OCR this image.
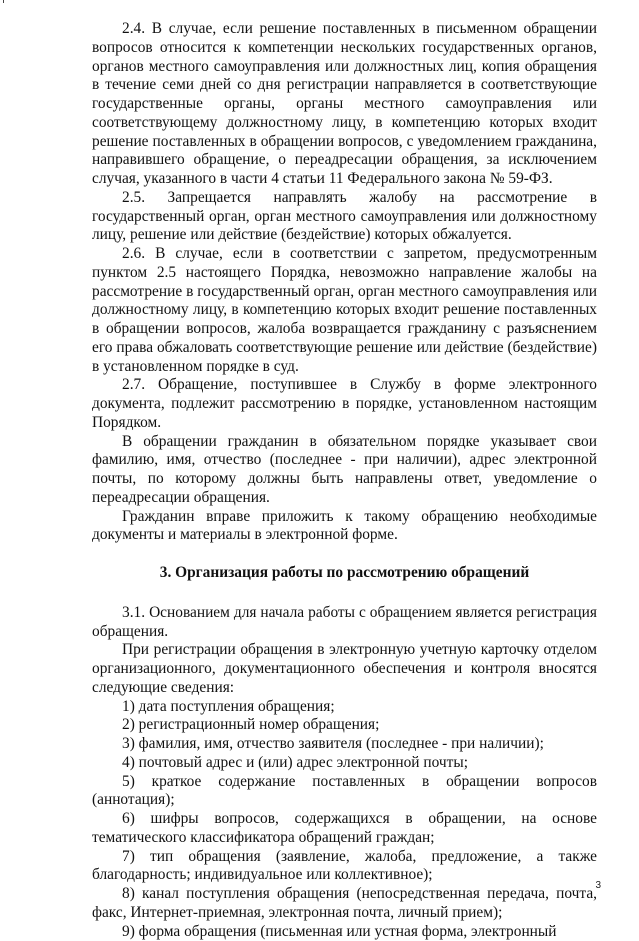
2.4. В случае, если решение поставленных в письменном обращении вопросов относится к компетенции нескольких государственных органов, органов местного самоуправления или должностных лиц, копия обращения в течение семи дней со дня регистрации направляется в соответствующие государственные органы, органы местного самоуправления или соответствующему должностному лицу, в компетенцию которых входит решение поставленных в обращении вопросов, с уведомлением гражданина, направившего обращение, о переадресации обращения, за исключением случая, указанного в части 4 статьи 11 Федерального закона № 59-ФЗ.

2.5. Запрещается направлять жалобу на рассмотрение в государственный орган, орган местного самоуправления или должностному лицу, решение или действие (бездействие) которых обжалуется.

2.6. В случае, если в соответствии с запретом, предусмотренным пунктом 2.5 настоящего Порядка, невозможно направление жалобы на рассмотрение в государственный орган, орган местного самоуправления или должностному лицу, в компетенцию которых входит решение поставленных в обращении вопросов, жалоба возвращается гражданину с разъяснением его права обжаловать соответствующие решение или действие (бездействие) в установленном порядке в суд.

2.7. Обращение, поступившее в Службу в форме электронного документа, подлежит рассмотрению в порядке, установленном настоящим Порядком.

В обращении гражданин в обязательном порядке указывает свои фамилию, имя, отчество (последнее - при наличии), адрес электронной почты, по которому должны быть направлены ответ, уведомление о переадресации обращения.

Гражданин вправе приложить к такому обращению необходимые документы и материалы в электронной форме.

3. Организация работы по рассмотрению обращений

3.1. Основанием для начала работы с обращением является регистрация обращения.

При регистрации обращения в электронную учетную карточку отделом организационного, документационного обеспечения и контроля вносятся следующие сведения:

1) дата поступления обращения;

2) регистрационный номер обращения;

3) фамилия, имя, отчество заявителя (последнее - при наличии);

4) почтовый адрес и (или) адрес электронной почты;

5) краткое содержание поставленных в обращении вопросов (аннотация);

6) шифры вопросов, содержащихся в обращении, на основе тематического классификатора обращений граждан;

7) тип обращения (заявление, жалоба, предложение, а также благодарность; индивидуальное или коллективное);

8) канал поступления обращения (непосредственная передача, почта, факс, Интернет-приемная, электронная почта, личный прием);

9) форма обращения (письменная или устная форма, электронный

3
